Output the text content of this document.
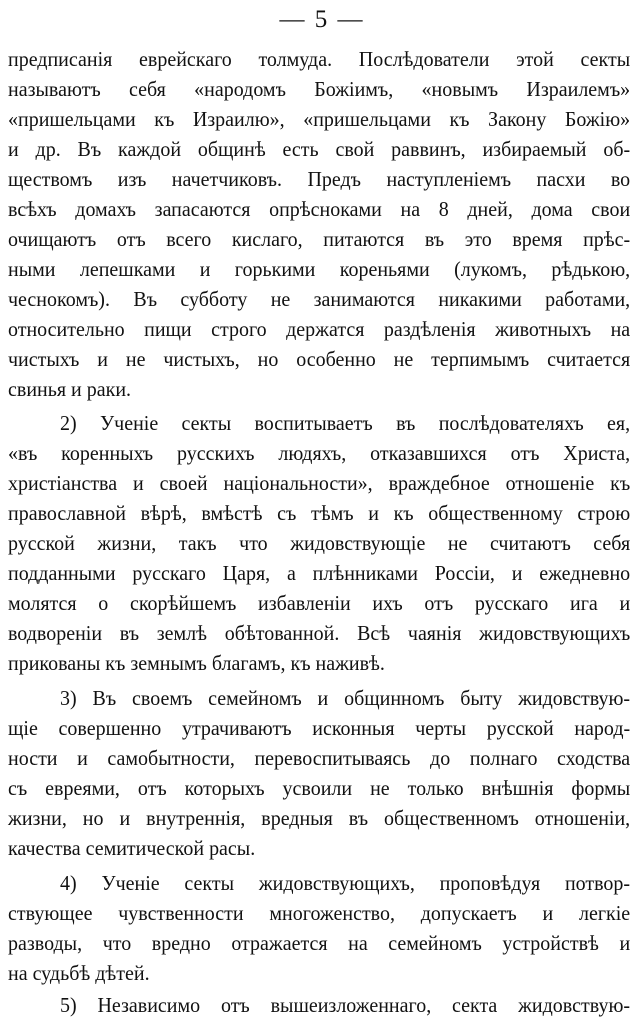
— 5 —
предписанія еврейскаго толмуда. Послѣдователи этой секты
называютъ себя «народомъ Божіимъ, «новымъ Израилемъ»
«пришельцами къ Израилю», «пришельцами къ Закону Божію»
и др. Въ каждой общинѣ есть свой раввинъ, избираемый об-
ществомъ изъ начетчиковъ. Предъ наступленіемъ пасхи во
всѣхъ домахъ запасаются опрѣсноками на 8 дней, дома свои
очищаютъ отъ всего кислаго, питаются въ это время прѣс-
ными лепешками и горькими кореньями (лукомъ, рѣдькою,
чеснокомъ). Въ субботу не занимаются никакими работами,
относительно пищи строго держатся раздѣленія животныхъ на
чистыхъ и не чистыхъ, но особенно не терпимымъ считается
свинья и раки.
2) Ученіе секты воспитываетъ въ послѣдователяхъ ея,
«въ коренныхъ русскихъ людяхъ, отказавшихся отъ Христа,
христіанства и своей національности», враждебное отношеніе къ
православной вѣрѣ, вмѣстѣ съ тѣмъ и къ общественному строю
русской жизни, такъ что жидовствующіе не считаютъ себя
подданными русскаго Царя, а плѣнниками Россіи, и ежедневно
молятся о скорѣйшемъ избавленіи ихъ отъ русскаго ига и
водвореніи въ землѣ обѣтованной. Всѣ чаянія жидовствующихъ
прикованы къ земнымъ благамъ, къ наживѣ.
3) Въ своемъ семейномъ и общинномъ быту жидовствую-
щіе совершенно утрачиваютъ исконныя черты русской народ-
ности и самобытности, перевоспитываясь до полнаго сходства
съ евреями, отъ которыхъ усвоили не только внѣшнія формы
жизни, но и внутреннія, вредныя въ общественномъ отношеніи,
качества семитической расы.
4) Ученіе секты жидовствующихъ, проповѣдуя потвор-
ствующее чувственности многоженство, допускаетъ и легкіе
разводы, что вредно отражается на семейномъ устройствѣ и
на судьбѣ дѣтей.
5) Независимо отъ вышеизложеннаго, секта жидовствую-
